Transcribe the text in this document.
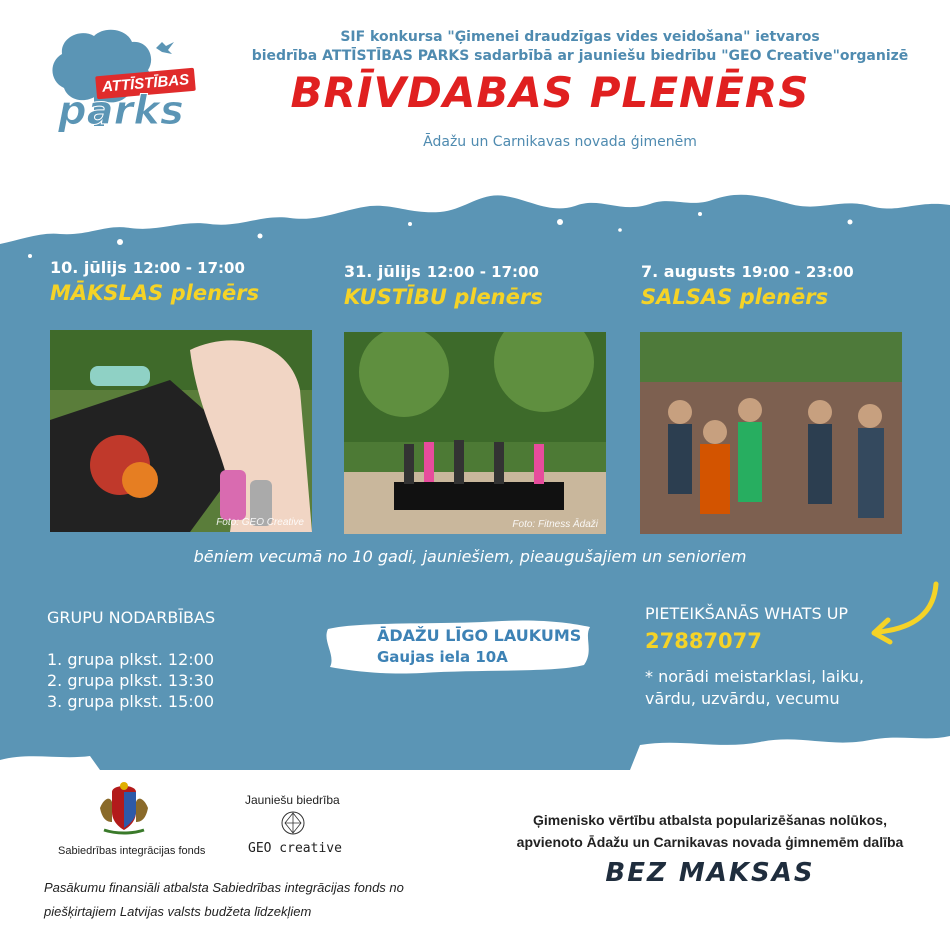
ATTĪSTĪBAS
parks
SIF konkursa "Ģimenei draudzīgas vides veidošana" ietvaros
biedrība ATTĪSTĪBAS PARKS sadarbībā ar jauniešu biedrību "GEO Creative"organizē
BRĪVDABAS PLENĒRS
Ādažu un Carnikavas novada ģimenēm
10. jūlijs 12:00 - 17:00
MĀKSLAS plenērs
31. jūlijs 12:00 - 17:00
KUSTĪBU plenērs
7. augusts 19:00 - 23:00
SALSAS plenērs
Foto: GEO Creative	Foto: Fitness Ādaži
bēniem vecumā no 10 gadi, jauniešiem, pieaugušajiem un senioriem
GRUPU NODARBĪBAS
1. grupa plkst. 12:00
2. grupa plkst. 13:30
3. grupa plkst. 15:00
ĀDAŽU LĪGO LAUKUMS
Gaujas iela 10A
PIETEIKŠANĀS WHATS UP
27887077
* norādi meistarklasi, laiku, vārdu, uzvārdu, vecumu
Sabiedrības integrācijas fonds
Jauniešu biedrība
GEO creative
Pasākumu finansiāli atbalsta Sabiedrības integrācijas fonds no piešķirtajiem Latvijas valsts budžeta līdzekļiem
Ģimenisko vērtību atbalsta popularizēšanas nolūkos,
apvienoto Ādažu un Carnikavas novada ģimnemēm dalība
BEZ MAKSAS
